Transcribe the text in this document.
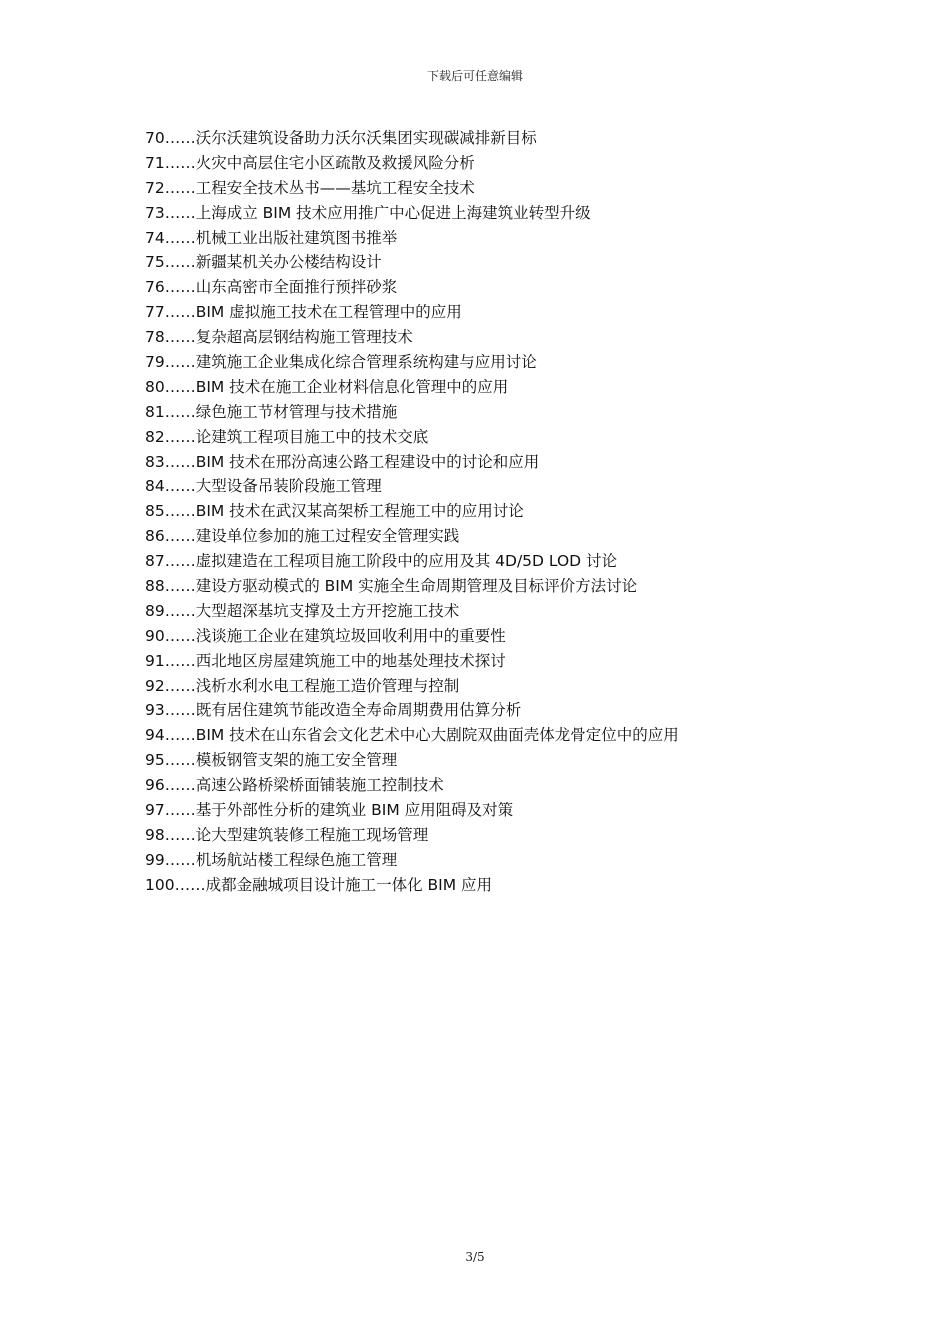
下载后可任意编辑
70……沃尔沃建筑设备助力沃尔沃集团实现碳减排新目标
71……火灾中高层住宅小区疏散及救援风险分析
72……工程安全技术丛书——基坑工程安全技术
73……上海成立 BIM 技术应用推广中心促进上海建筑业转型升级
74……机械工业出版社建筑图书推举
75……新疆某机关办公楼结构设计
76……山东高密市全面推行预拌砂浆
77……BIM 虚拟施工技术在工程管理中的应用
78……复杂超高层钢结构施工管理技术
79……建筑施工企业集成化综合管理系统构建与应用讨论
80……BIM 技术在施工企业材料信息化管理中的应用
81……绿色施工节材管理与技术措施
82……论建筑工程项目施工中的技术交底
83……BIM 技术在邢汾高速公路工程建设中的讨论和应用
84……大型设备吊装阶段施工管理
85……BIM 技术在武汉某高架桥工程施工中的应用讨论
86……建设单位参加的施工过程安全管理实践
87……虚拟建造在工程项目施工阶段中的应用及其 4D/5D LOD 讨论
88……建设方驱动模式的 BIM 实施全生命周期管理及目标评价方法讨论
89……大型超深基坑支撑及土方开挖施工技术
90……浅谈施工企业在建筑垃圾回收利用中的重要性
91……西北地区房屋建筑施工中的地基处理技术探讨
92……浅析水利水电工程施工造价管理与控制
93……既有居住建筑节能改造全寿命周期费用估算分析
94……BIM 技术在山东省会文化艺术中心大剧院双曲面壳体龙骨定位中的应用
95……模板钢管支架的施工安全管理
96……高速公路桥梁桥面铺装施工控制技术
97……基于外部性分析的建筑业 BIM 应用阻碍及对策
98……论大型建筑装修工程施工现场管理
99……机场航站楼工程绿色施工管理
100……成都金融城项目设计施工一体化 BIM 应用
3/5
